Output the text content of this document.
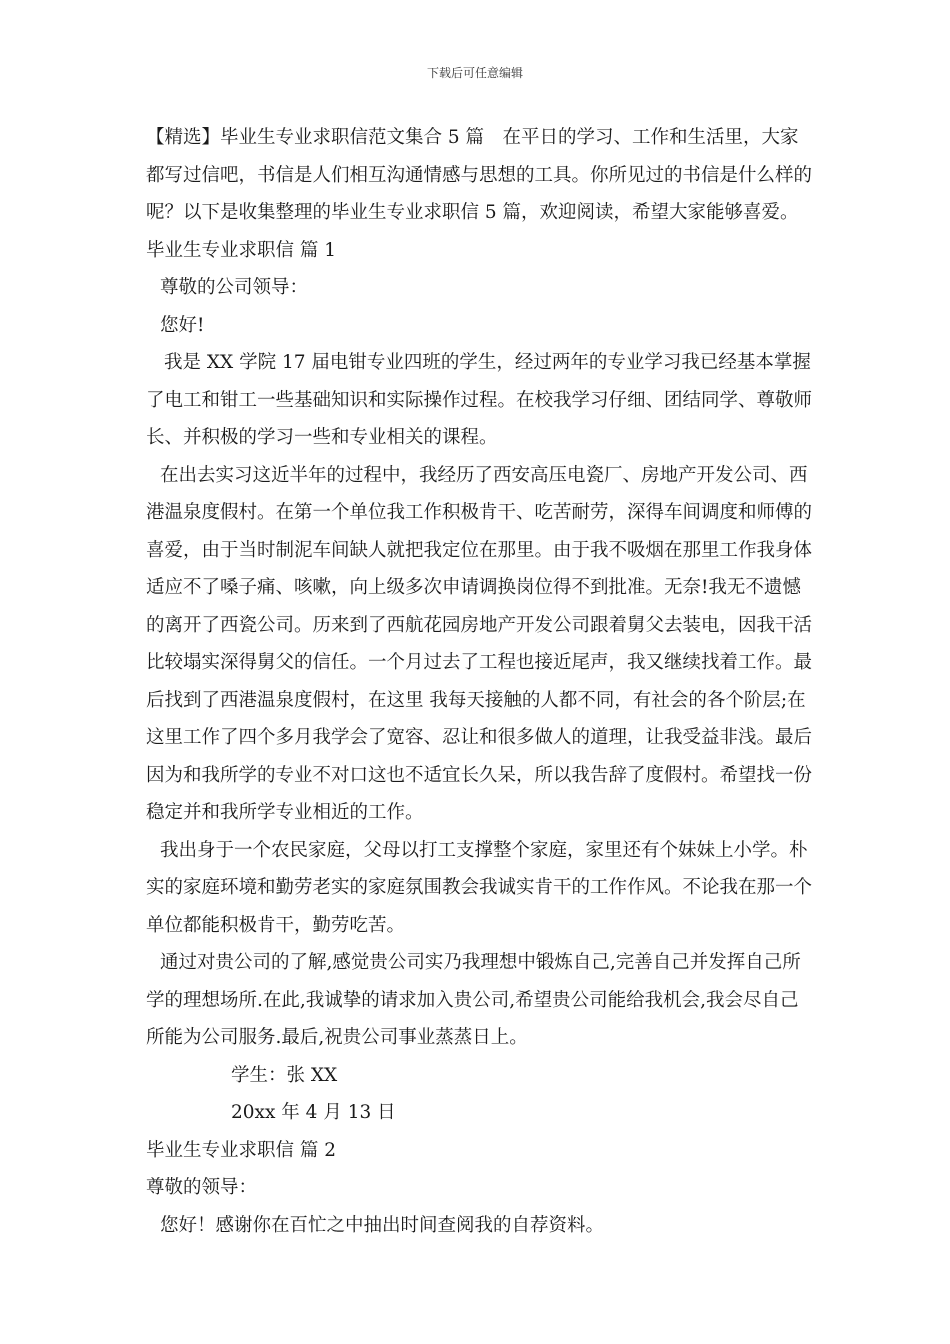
下载后可任意编辑

【精选】毕业生专业求职信范文集合 5 篇　在平日的学习、工作和生活里，大家都写过信吧，书信是人们相互沟通情感与思想的工具。你所见过的书信是什么样的呢？以下是收集整理的毕业生专业求职信 5 篇，欢迎阅读，希望大家能够喜爱。毕业生专业求职信 篇 1

尊敬的公司领导：

您好!

我是 XX 学院 17 届电钳专业四班的学生，经过两年的专业学习我已经基本掌握了电工和钳工一些基础知识和实际操作过程。在校我学习仔细、团结同学、尊敬师长、并积极的学习一些和专业相关的课程。

在出去实习这近半年的过程中，我经历了西安高压电瓷厂、房地产开发公司、西港温泉度假村。在第一个单位我工作积极肯干、吃苦耐劳，深得车间调度和师傅的喜爱，由于当时制泥车间缺人就把我定位在那里。由于我不吸烟在那里工作我身体适应不了嗓子痛、咳嗽，向上级多次申请调换岗位得不到批准。无奈!我无不遗憾的离开了西瓷公司。历来到了西航花园房地产开发公司跟着舅父去装电，因我干活比较塌实深得舅父的信任。一个月过去了工程也接近尾声，我又继续找着工作。最后找到了西港温泉度假村，在这里 我每天接触的人都不同，有社会的各个阶层;在这里工作了四个多月我学会了宽容、忍让和很多做人的道理，让我受益非浅。最后因为和我所学的专业不对口这也不适宜长久呆，所以我告辞了度假村。希望找一份稳定并和我所学专业相近的工作。

我出身于一个农民家庭，父母以打工支撑整个家庭，家里还有个妹妹上小学。朴实的家庭环境和勤劳老实的家庭氛围教会我诚实肯干的工作作风。不论我在那一个单位都能积极肯干，勤劳吃苦。

通过对贵公司的了解,感觉贵公司实乃我理想中锻炼自己,完善自己并发挥自己所学的理想场所.在此,我诚挚的请求加入贵公司,希望贵公司能给我机会,我会尽自己所能为公司服务.最后,祝贵公司事业蒸蒸日上。

学生：张 XX

20xx 年 4 月 13 日

毕业生专业求职信 篇 2

尊敬的领导：

您好！感谢你在百忙之中抽出时间查阅我的自荐资料。
